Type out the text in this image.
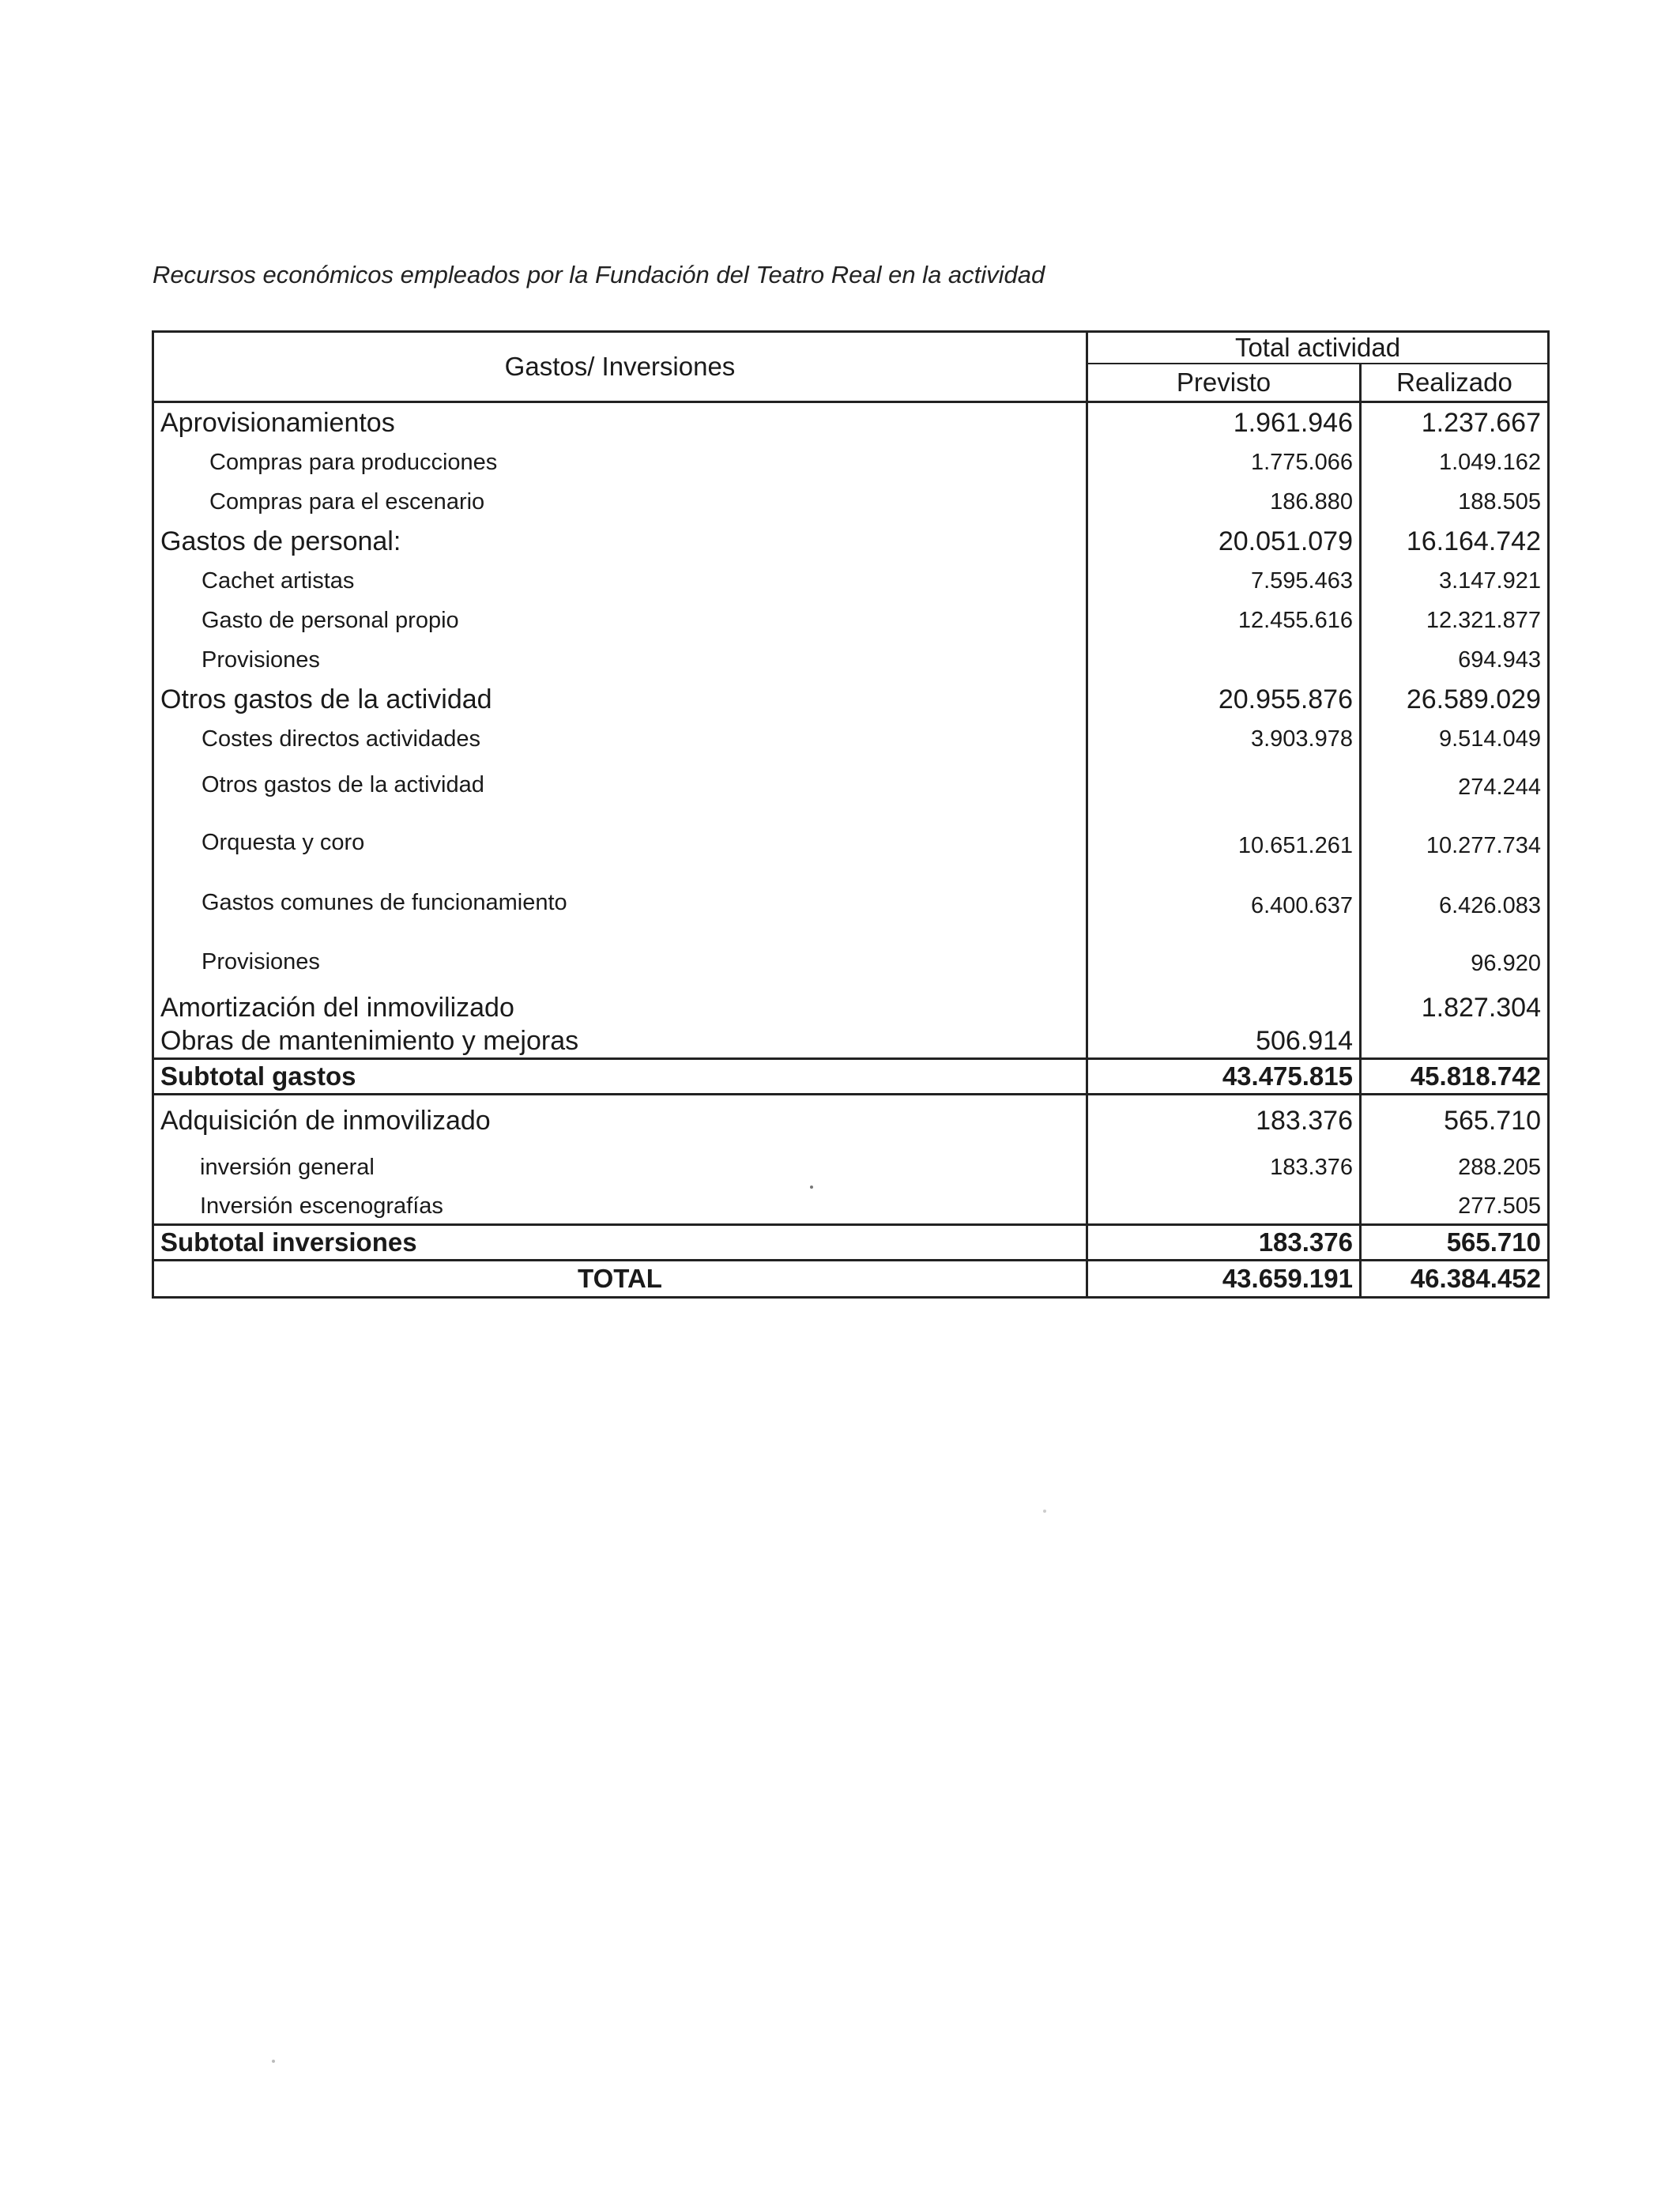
Recursos económicos empleados por la Fundación del Teatro Real en la actividad
Gastos/ Inversiones	Total actividad	
	Previsto	Realizado
Aprovisionamientos	1.961.946	1.237.667
Compras para producciones	1.775.066	1.049.162
Compras para el escenario	186.880	188.505
Gastos de personal:	20.051.079	16.164.742
Cachet artistas	7.595.463	3.147.921
Gasto de personal propio	12.455.616	12.321.877
Provisiones		694.943
Otros gastos de la actividad	20.955.876	26.589.029
Costes directos actividades	3.903.978	9.514.049
Otros gastos de la actividad		274.244
Orquesta y coro	10.651.261	10.277.734
Gastos comunes de funcionamiento	6.400.637	6.426.083
Provisiones		96.920
Amortización del inmovilizado		1.827.304
Obras de mantenimiento y mejoras	506.914	
Subtotal gastos	43.475.815	45.818.742
Adquisición de inmovilizado	183.376	565.710
inversión general	183.376	288.205
Inversión escenografías		277.505
Subtotal inversiones	183.376	565.710
TOTAL	43.659.191	46.384.452
